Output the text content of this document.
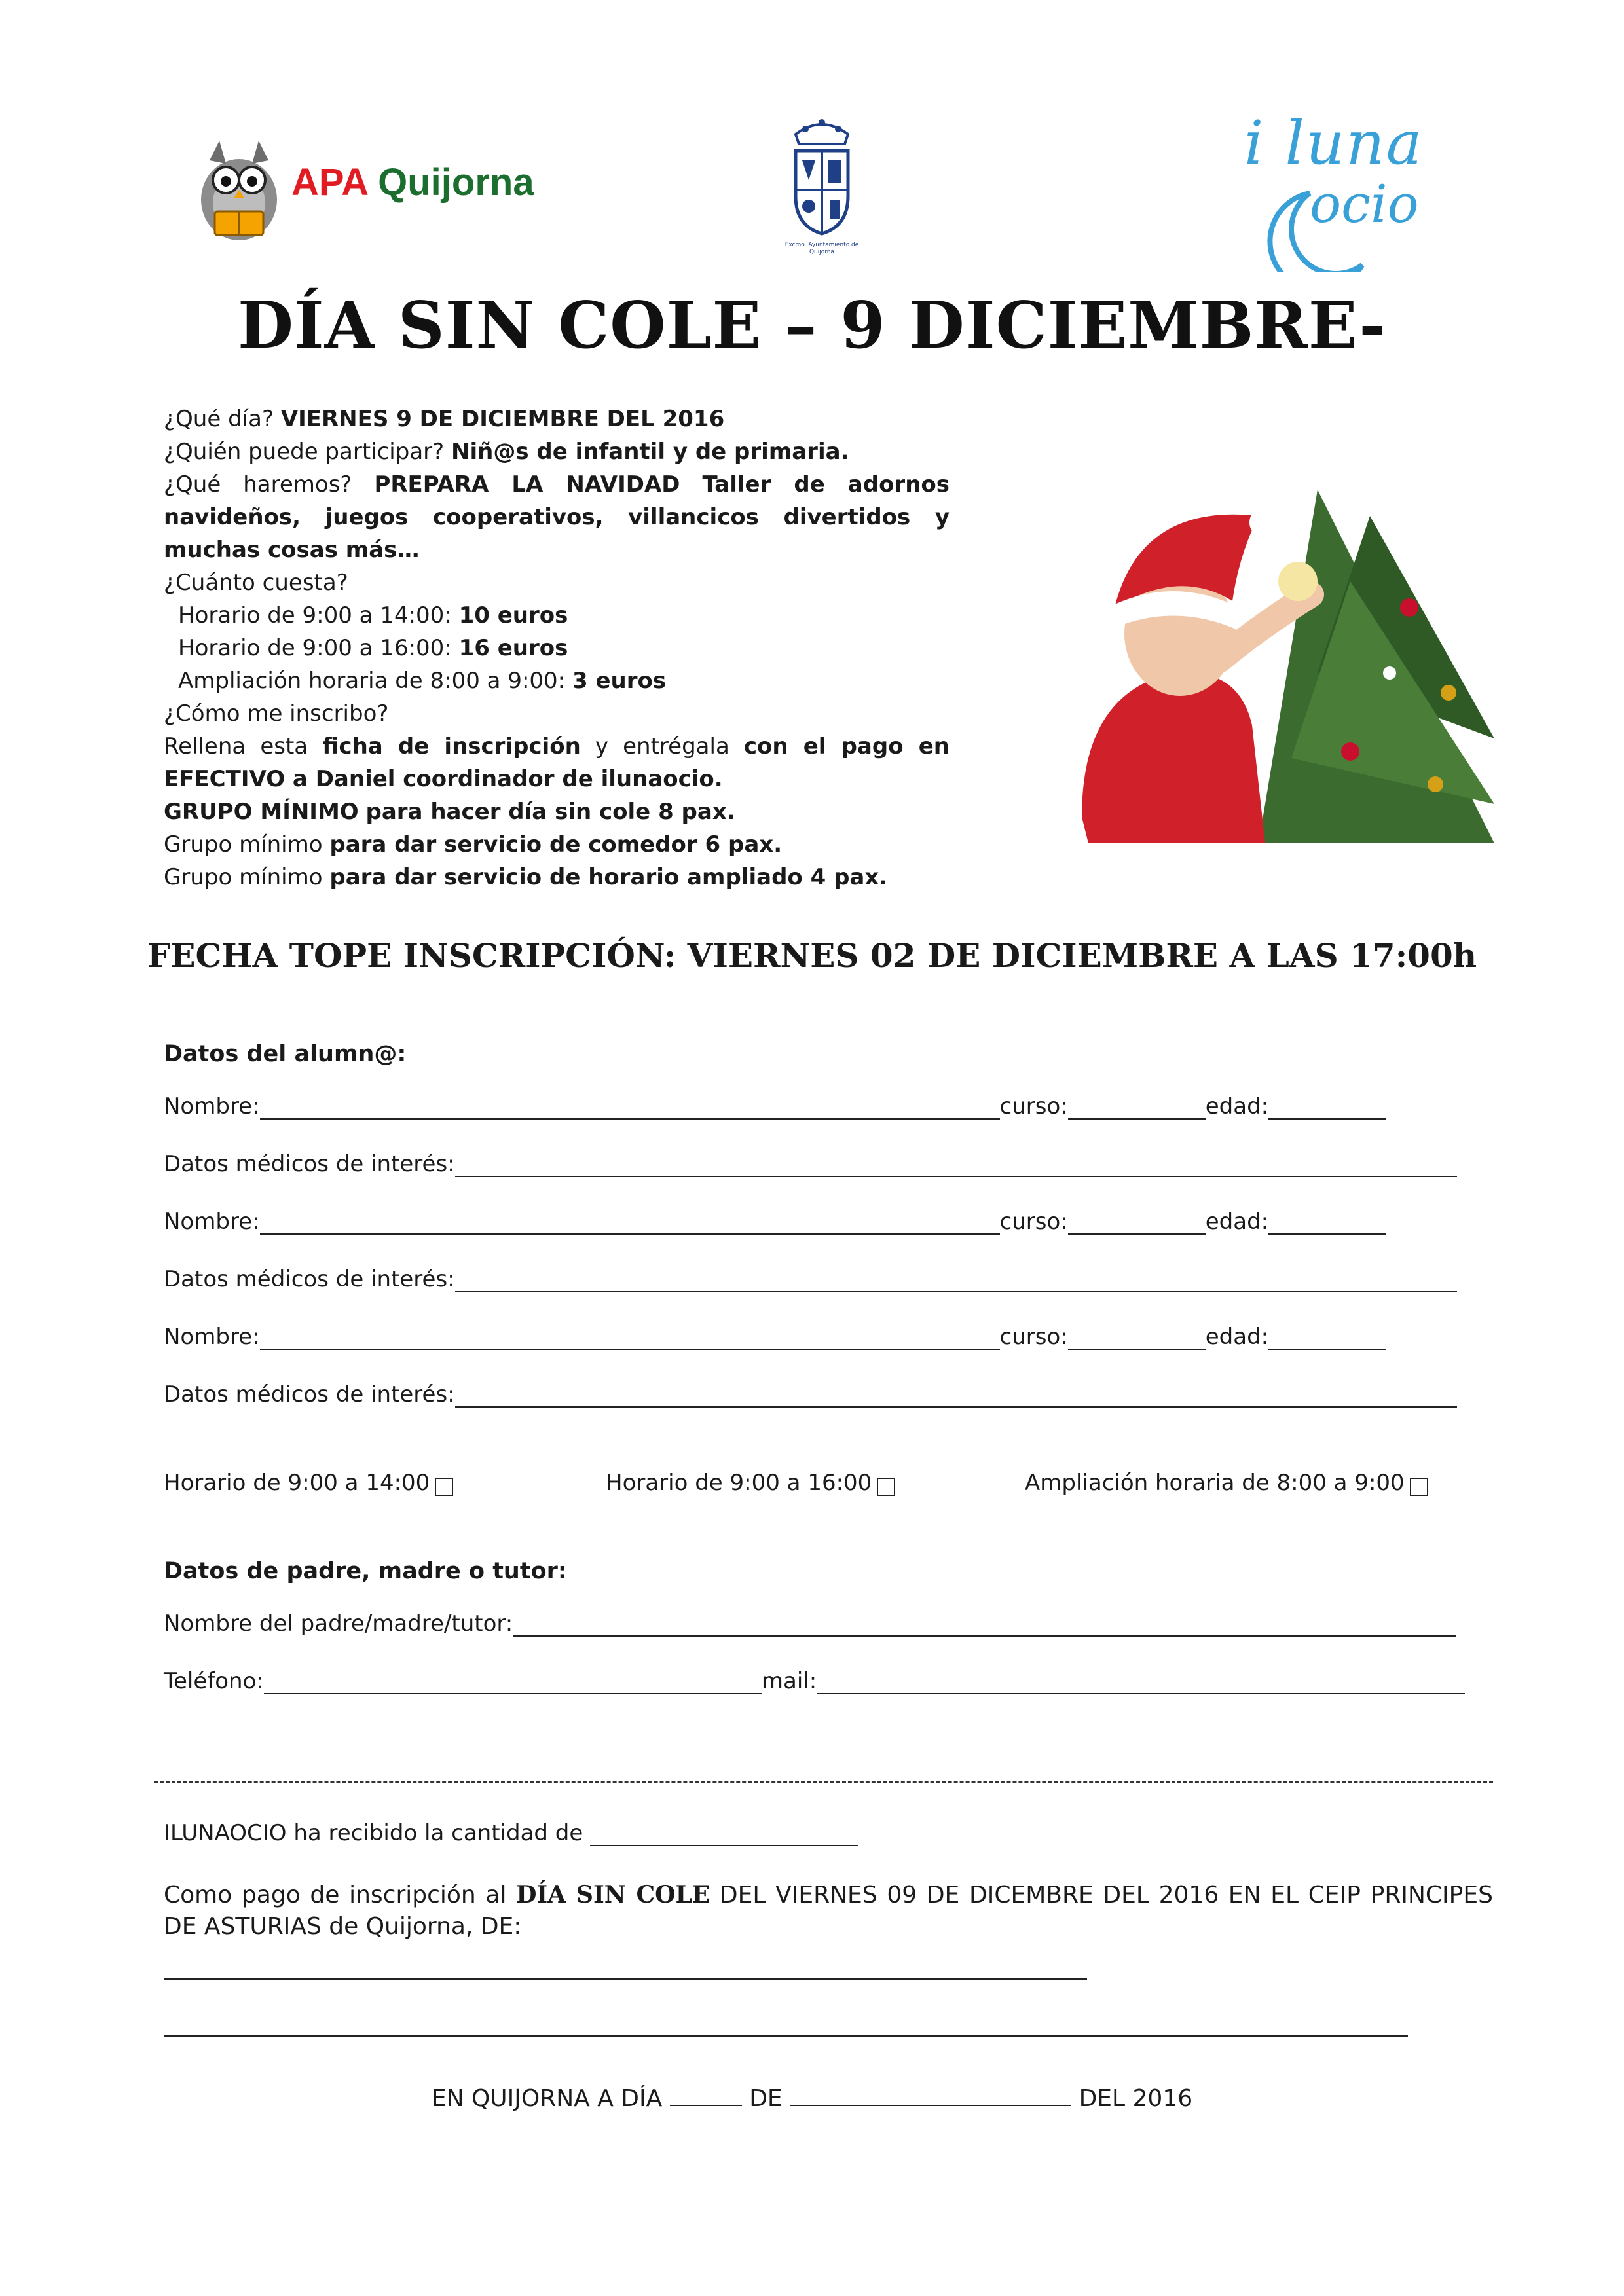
APA Quijorna
Excmo. Ayuntamiento de Quijorna
i luna
ocio
DÍA SIN COLE – 9 DICIEMBRE-

¿Qué día? VIERNES 9 DE DICIEMBRE DEL 2016

¿Quién puede participar? Niñ@s de infantil y de primaria.

¿Qué haremos? PREPARA LA NAVIDAD Taller de adornos navideños, juegos cooperativos, villancicos divertidos y muchas cosas más…

¿Cuánto cuesta?

Horario de 9:00 a 14:00: 10 euros

Horario de 9:00 a 16:00: 16 euros

Ampliación horaria de 8:00 a 9:00: 3 euros

¿Cómo me inscribo?

Rellena esta ficha de inscripción y entrégala con el pago en EFECTIVO a Daniel coordinador de ilunaocio.

GRUPO MÍNIMO para hacer día sin cole 8 pax.

Grupo mínimo para dar servicio de comedor 6 pax.

Grupo mínimo para dar servicio de horario ampliado 4 pax.

FECHA TOPE INSCRIPCIÓN: VIERNES 02 DE DICIEMBRE A LAS 17:00h
Datos del alumn@:
Nombre:	curso:	edad:
Datos médicos de interés:
Nombre:	curso:	edad:
Datos médicos de interés:
Nombre:	curso:	edad:
Datos médicos de interés:
Horario de 9:00 a 14:00	Horario de 9:00 a 16:00	Ampliación horaria de 8:00 a 9:00
Datos de padre, madre o tutor:
Nombre del padre/madre/tutor:
Teléfono:	mail:
ILUNAOCIO ha recibido la cantidad de

Como pago de inscripción al DÍA SIN COLE DEL VIERNES 09 DE DICEMBRE DEL 2016 EN EL CEIP PRINCIPES DE ASTURIAS de Quijorna, DE:
EN QUIJORNA A DÍA	DE	DEL 2016
